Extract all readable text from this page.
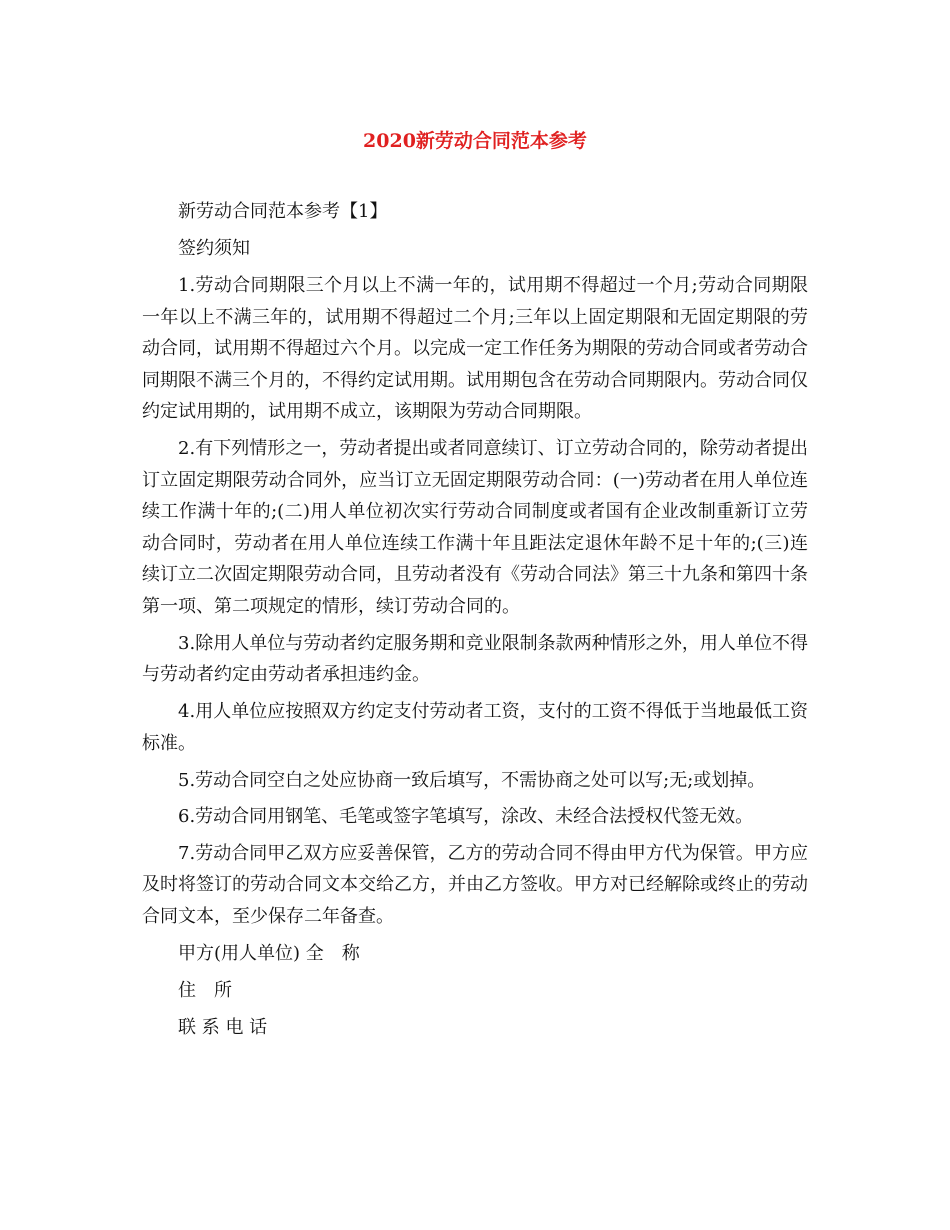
2020新劳动合同范本参考

新劳动合同范本参考【1】

签约须知

1.劳动合同期限三个月以上不满一年的，试用期不得超过一个月;劳动合同期限一年以上不满三年的，试用期不得超过二个月;三年以上固定期限和无固定期限的劳动合同，试用期不得超过六个月。以完成一定工作任务为期限的劳动合同或者劳动合同期限不满三个月的，不得约定试用期。试用期包含在劳动合同期限内。劳动合同仅约定试用期的，试用期不成立，该期限为劳动合同期限。

2.有下列情形之一，劳动者提出或者同意续订、订立劳动合同的，除劳动者提出订立固定期限劳动合同外，应当订立无固定期限劳动合同：(一)劳动者在用人单位连续工作满十年的;(二)用人单位初次实行劳动合同制度或者国有企业改制重新订立劳动合同时，劳动者在用人单位连续工作满十年且距法定退休年龄不足十年的;(三)连续订立二次固定期限劳动合同，且劳动者没有《劳动合同法》第三十九条和第四十条第一项、第二项规定的情形，续订劳动合同的。

3.除用人单位与劳动者约定服务期和竞业限制条款两种情形之外，用人单位不得与劳动者约定由劳动者承担违约金。

4.用人单位应按照双方约定支付劳动者工资，支付的工资不得低于当地最低工资标准。

5.劳动合同空白之处应协商一致后填写，不需协商之处可以写;无;或划掉。

6.劳动合同用钢笔、毛笔或签字笔填写，涂改、未经合法授权代签无效。

7.劳动合同甲乙双方应妥善保管，乙方的劳动合同不得由甲方代为保管。甲方应及时将签订的劳动合同文本交给乙方，并由乙方签收。甲方对已经解除或终止的劳动合同文本，至少保存二年备查。

甲方(用人单位) 全　称

住　所

联 系 电 话
